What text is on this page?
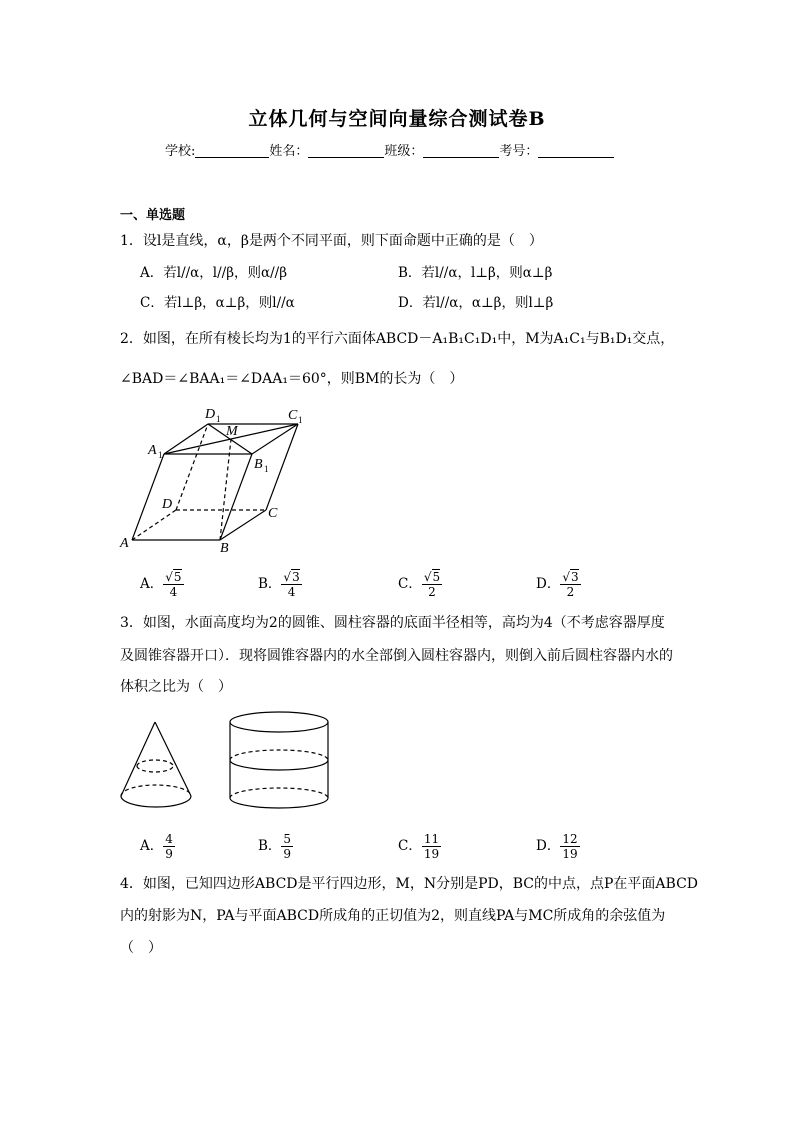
立体几何与空间向量综合测试卷B
学校:	姓名：	班级：	考号：
一、单选题
1．设l是直线，α，β是两个不同平面，则下面命题中正确的是（　）
A．若l//α，l//β，则α//β	B．若l//α，l⊥β，则α⊥β
C．若l⊥β，α⊥β，则l//α	D．若l//α，α⊥β，则l⊥β
2．如图，在所有棱长均为1的平行六面体ABCD－A₁B₁C₁D₁中，M为A₁C₁与B₁D₁交点，
∠BAD＝∠BAA₁＝∠DAA₁＝60°，则BM的长为（　）
A	B
C
D
A 1
B 1
C 1
D 1
M
A． $\frac{√5}{4}$	B． $\frac{√3}{4}$	C． $\frac{√5}{2}$	D． $\frac{√3}{2}$
3．如图，水面高度均为2的圆锥、圆柱容器的底面半径相等，高均为4（不考虑容器厚度
及圆锥容器开口）．现将圆锥容器内的水全部倒入圆柱容器内，则倒入前后圆柱容器内水的
体积之比为（　）
A． $\frac{4}{9}$	B． $\frac{5}{9}$	C． $\frac{11}{19}$	D． $\frac{12}{19}$
4．如图，已知四边形ABCD是平行四边形，M，N分别是PD，BC的中点，点P在平面ABCD
内的射影为N，PA与平面ABCD所成角的正切值为2，则直线PA与MC所成角的余弦值为
（　）
